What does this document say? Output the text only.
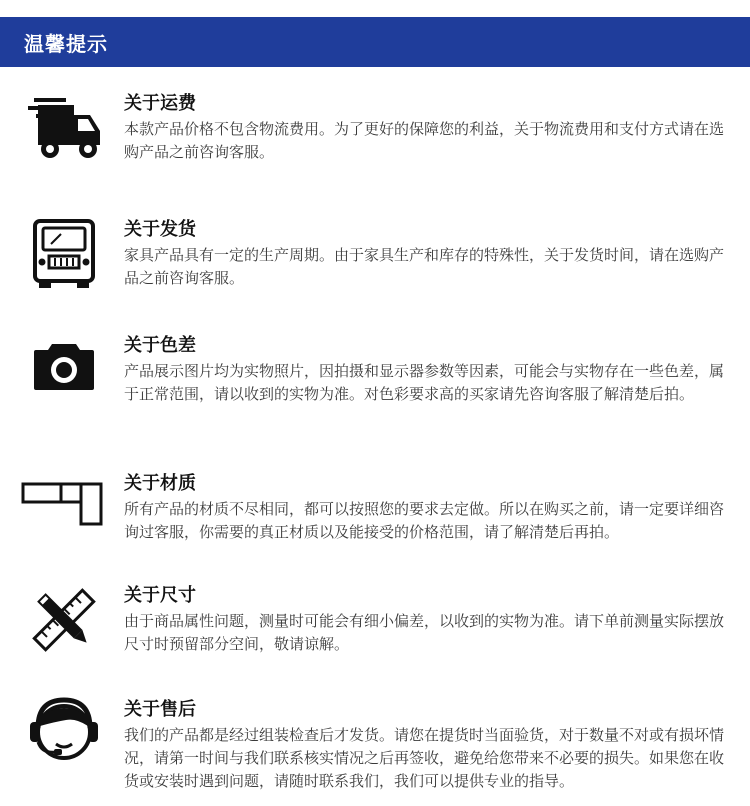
温馨提示
关于运费
本款产品价格不包含物流费用。为了更好的保障您的利益，关于物流费用和支付方式请在选购产品之前咨询客服。
关于发货
家具产品具有一定的生产周期。由于家具生产和库存的特殊性，关于发货时间，请在选购产品之前咨询客服。
关于色差
产品展示图片均为实物照片，因拍摄和显示器参数等因素，可能会与实物存在一些色差，属于正常范围，请以收到的实物为准。对色彩要求高的买家请先咨询客服了解清楚后拍。
关于材质
所有产品的材质不尽相同，都可以按照您的要求去定做。所以在购买之前，请一定要详细咨询过客服，你需要的真正材质以及能接受的价格范围，请了解清楚后再拍。
关于尺寸
由于商品属性问题，测量时可能会有细小偏差，以收到的实物为准。请下单前测量实际摆放尺寸时预留部分空间，敬请谅解。
关于售后
我们的产品都是经过组装检查后才发货。请您在提货时当面验货，对于数量不对或有损坏情况，请第一时间与我们联系核实情况之后再签收，避免给您带来不必要的损失。如果您在收货或安装时遇到问题，请随时联系我们，我们可以提供专业的指导。
